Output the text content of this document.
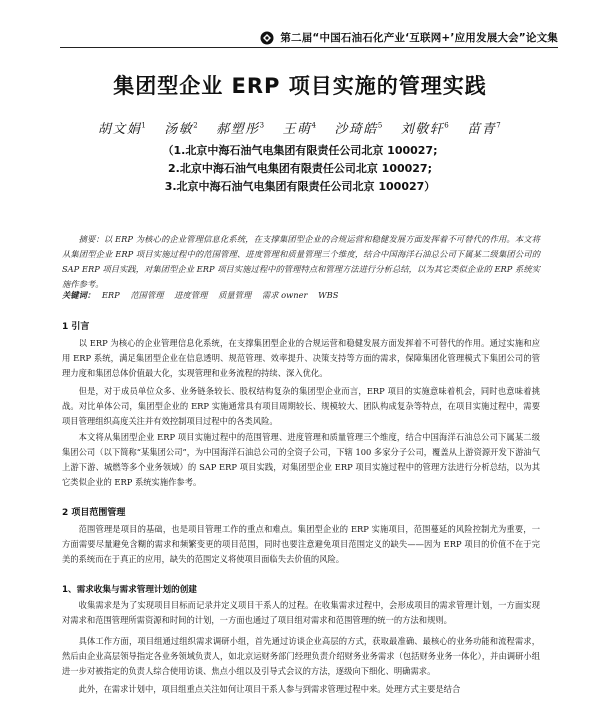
第二届“中国石油石化产业‘互联网+’应用发展大会”论文集
集团型企业 ERP 项目实施的管理实践
胡文娟$^1$ 汤敏$^2$ 郝塑彤$^3$ 王萌$^4$ 沙琦皓$^5$ 刘敬轩$^6$ 苗青$^7$
（1.北京中海石油气电集团有限责任公司北京 100027;
2.北京中海石油气电集团有限责任公司北京 100027;
3.北京中海石油气电集团有限责任公司北京 100027）

摘要：以 ERP 为核心的企业管理信息化系统，在支撑集团型企业的合规运营和稳健发展方面发挥着不可替代的作用。本文将从集团型企业 ERP 项目实施过程中的范围管理、进度管理和质量管理三个维度，结合中国海洋石油总公司下属某二级集团公司的 SAP ERP 项目实践，对集团型企业 ERP 项目实施过程中的管理特点和管理方法进行分析总结，以为其它类似企业的 ERP 系统实施作参考。

关键词： ERP 范围管理 进度管理 质量管理 需求 owner WBS
1 引言

以 ERP 为核心的企业管理信息化系统，在支撑集团型企业的合规运营和稳健发展方面发挥着不可替代的作用。通过实施和应用 ERP 系统，满足集团型企业在信息透明、规范管理、效率提升、决策支持等方面的需求，保障集团化管理模式下集团公司的管理力度和集团总体价值最大化，实现管理和业务流程的持续、深入优化。

但是，对于成员单位众多、业务链条较长、股权结构复杂的集团型企业而言，ERP 项目的实施意味着机会，同时也意味着挑战。对比单体公司，集团型企业的 ERP 实施通常具有项目周期较长、规模较大、团队构成复杂等特点，在项目实施过程中，需要项目管理组织高度关注并有效控制项目过程中的各类风险。

本文将从集团型企业 ERP 项目实施过程中的范围管理、进度管理和质量管理三个维度，结合中国海洋石油总公司下属某二级集团公司（以下简称“某集团公司”，为中国海洋石油总公司的全资子公司，下辖 100 多家分子公司，覆盖从上游资源开发下游油气上游下游、城燃等多个业务领域）的 SAP ERP 项目实践，对集团型企业 ERP 项目实施过程中的管理方法进行分析总结，以为其它类似企业的 ERP 系统实施作参考。

2 项目范围管理

范围管理是项目的基础，也是项目管理工作的重点和难点。集团型企业的 ERP 实施项目，范围蔓延的风险控制尤为重要，一方面需要尽量避免含糊的需求和频繁变更的项目范围，同时也要注意避免项目范围定义的缺失——因为 ERP 项目的价值不在于完美的系统而在于真正的应用，缺失的范围定义将使项目面临失去价值的风险。

1、需求收集与需求管理计划的创建

收集需求是为了实现项目目标而记录并定义项目干系人的过程。在收集需求过程中，会形成项目的需求管理计划，一方面实现对需求和范围管理所需资源和时间的计划，一方面也通过了项目组对需求和范围管理的统一的方法和规则。

具体工作方面，项目组通过组织需求调研小组，首先通过访谈企业高层的方式，获取最准确、最核心的业务功能和流程需求，然后由企业高层领导指定各业务领域负责人，如北京运财务部门经理负责介绍财务业务需求（包括财务业务一体化），并由调研小组进一步对被指定的负责人综合使用访谈、焦点小组以及引导式会议的方法，逐级向下细化、明确需求。

此外，在需求计划中，项目组重点关注如何让项目干系人参与到需求管理过程中来。处理方式主要是结合
